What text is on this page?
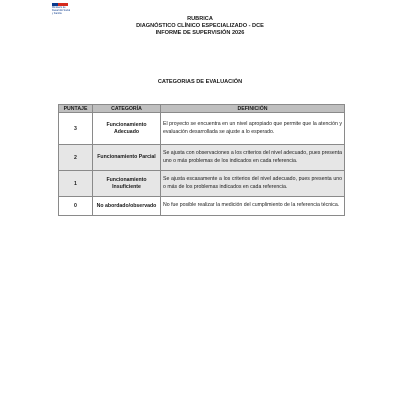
Ministerio de
Desarrollo Social
y Familia
RUBRICA
DIAGNÓSTICO CLÍNICO ESPECIALIZADO - DCE
INFORME DE SUPERVISIÓN 2026
CATEGORIAS DE EVALUACIÓN
PUNTAJE	CATEGORÍA	DEFINICIÓN
3	Funcionamiento Adecuado	El proyecto se encuentra en un nivel apropiado que permite que la atención y evaluación desarrollada se ajuste a lo esperado.
2	Funcionamiento Parcial	Se ajusta con observaciones a los criterios del nivel adecuado, pues presenta uno o más problemas de los indicados en cada referencia.
1	Funcionamiento Insuficiente	Se ajusta escasamente a los criterios del nivel adecuado, pues presenta uno o más de los problemas indicados en cada referencia.
0	No abordado/observado	No fue posible realizar la medición del cumplimiento de la referencia técnica.
